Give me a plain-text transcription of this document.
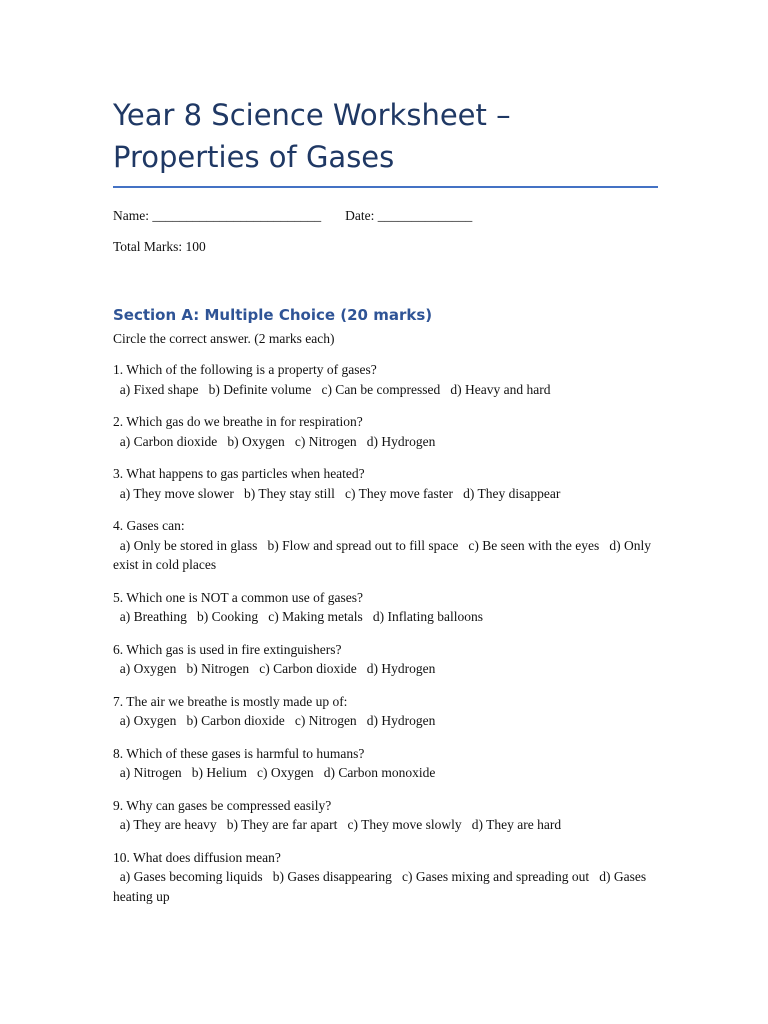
Year 8 Science Worksheet – Properties of Gases
Name: _________________________ Date: ______________

Total Marks: 100

Section A: Multiple Choice (20 marks)

Circle the correct answer. (2 marks each)

1. Which of the following is a property of gases?

a) Fixed shape   b) Definite volume   c) Can be compressed   d) Heavy and hard

2. Which gas do we breathe in for respiration?

a) Carbon dioxide   b) Oxygen   c) Nitrogen   d) Hydrogen

3. What happens to gas particles when heated?

a) They move slower   b) They stay still   c) They move faster   d) They disappear

4. Gases can:

a) Only be stored in glass   b) Flow and spread out to fill space   c) Be seen with the eyes   d) Only exist in cold places

5. Which one is NOT a common use of gases?

a) Breathing   b) Cooking   c) Making metals   d) Inflating balloons

6. Which gas is used in fire extinguishers?

a) Oxygen   b) Nitrogen   c) Carbon dioxide   d) Hydrogen

7. The air we breathe is mostly made up of:

a) Oxygen   b) Carbon dioxide   c) Nitrogen   d) Hydrogen

8. Which of these gases is harmful to humans?

a) Nitrogen   b) Helium   c) Oxygen   d) Carbon monoxide

9. Why can gases be compressed easily?

a) They are heavy   b) They are far apart   c) They move slowly   d) They are hard

10. What does diffusion mean?

a) Gases becoming liquids   b) Gases disappearing   c) Gases mixing and spreading out   d) Gases heating up
